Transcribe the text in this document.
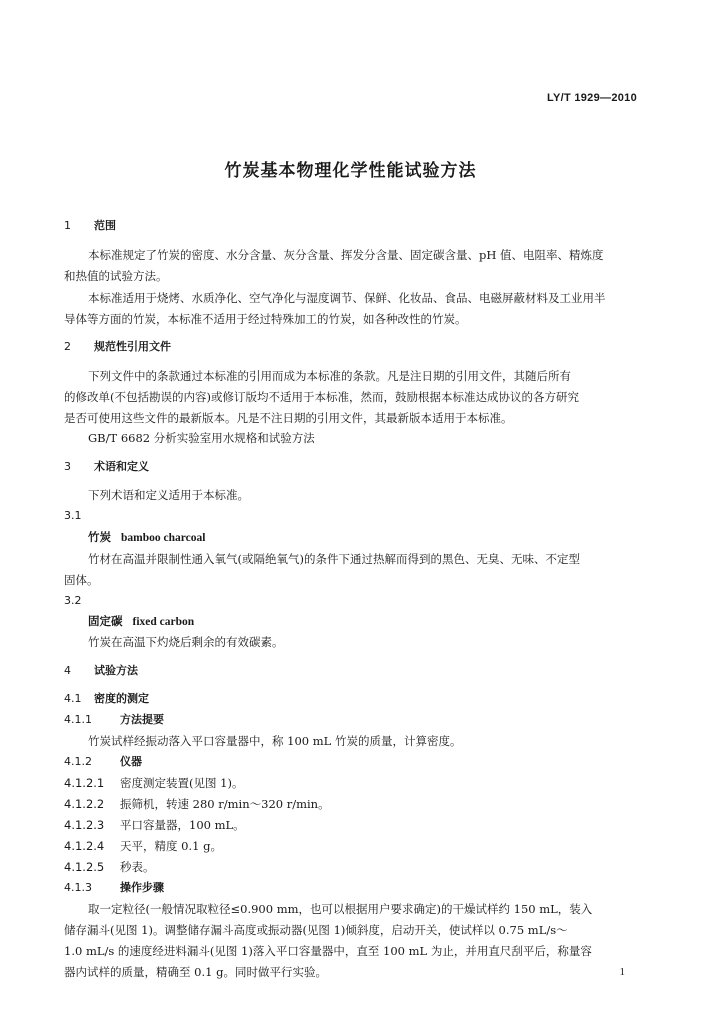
LY/T 1929—2010
竹炭基本物理化学性能试验方法
1 范围
本标准规定了竹炭的密度、水分含量、灰分含量、挥发分含量、固定碳含量、pH 值、电阻率、精炼度
和热值的试验方法。
本标准适用于烧烤、水质净化、空气净化与湿度调节、保鲜、化妆品、食品、电磁屏蔽材料及工业用半
导体等方面的竹炭，本标准不适用于经过特殊加工的竹炭，如各种改性的竹炭。
2 规范性引用文件
下列文件中的条款通过本标准的引用而成为本标准的条款。凡是注日期的引用文件，其随后所有
的修改单(不包括勘误的内容)或修订版均不适用于本标准，然而，鼓励根据本标准达成协议的各方研究
是否可使用这些文件的最新版本。凡是不注日期的引用文件，其最新版本适用于本标准。
GB/T 6682 分析实验室用水规格和试验方法
3 术语和定义
下列术语和定义适用于本标准。
3.1
竹炭 bamboo charcoal
竹材在高温并限制性通入氧气(或隔绝氧气)的条件下通过热解而得到的黑色、无臭、无味、不定型
固体。
3.2
固定碳 fixed carbon
竹炭在高温下灼烧后剩余的有效碳素。
4 试验方法
4.1 密度的测定
4.1.1	方法提要
竹炭试样经振动落入平口容量器中，称 100 mL 竹炭的质量，计算密度。
4.1.2	仪器
4.1.2.1 密度测定装置(见图 1)。
4.1.2.2 振筛机，转速 280 r/min～320 r/min。
4.1.2.3 平口容量器，100 mL。
4.1.2.4 天平，精度 0.1 g。
4.1.2.5 秒表。
4.1.3	操作步骤
取一定粒径(一般情况取粒径≤0.900 mm，也可以根据用户要求确定)的干燥试样约 150 mL，装入
储存漏斗(见图 1)。调整储存漏斗高度或振动器(见图 1)倾斜度，启动开关，使试样以 0.75 mL/s～
1.0 mL/s 的速度经进料漏斗(见图 1)落入平口容量器中，直至 100 mL 为止，并用直尺刮平后，称量容
器内试样的质量，精确至 0.1 g。同时做平行实验。	1
